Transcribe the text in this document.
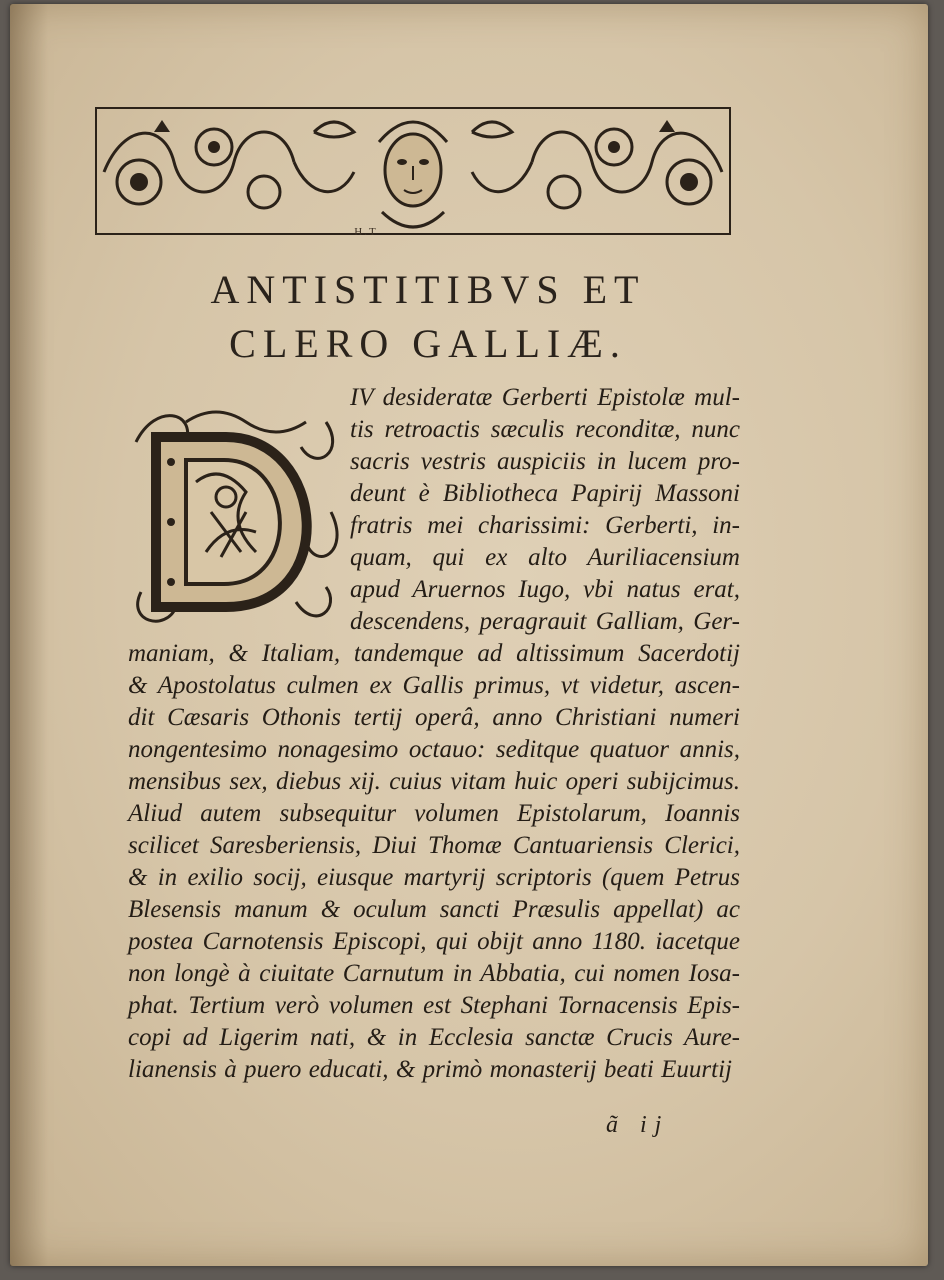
H.T
ANTISTITIBVS ET
CLERO GALLIÆ.
IV desideratæ Gerberti Epistolæ mul-
tis retroactis sæculis reconditæ, nunc
sacris vestris auspiciis in lucem pro-
deunt è Bibliotheca Papirij Massoni
fratris mei charissimi: Gerberti, in-
quam, qui ex alto Auriliacensium
apud Aruernos Iugo, vbi natus erat,
descendens, peragrauit Galliam, Ger-
maniam, & Italiam, tandemque ad altissimum Sacerdotij
& Apostolatus culmen ex Gallis primus, vt videtur, ascen-
dit Cæsaris Othonis tertij operâ, anno Christiani numeri
nongentesimo nonagesimo octauo: seditque quatuor annis,
mensibus sex, diebus xij. cuius vitam huic operi subijcimus.
Aliud autem subsequitur volumen Epistolarum, Ioannis
scilicet Saresberiensis, Diui Thomæ Cantuariensis Clerici,
& in exilio socij, eiusque martyrij scriptoris (quem Petrus
Blesensis manum & oculum sancti Præsulis appellat) ac
postea Carnotensis Episcopi, qui obijt anno 1180. iacetque
non longè à ciuitate Carnutum in Abbatia, cui nomen Iosa-
phat. Tertium verò volumen est Stephani Tornacensis Epis-
copi ad Ligerim nati, & in Ecclesia sanctæ Crucis Aure-
lianensis à puero educati, & primò monasterij beati Euurtij
ã ij
